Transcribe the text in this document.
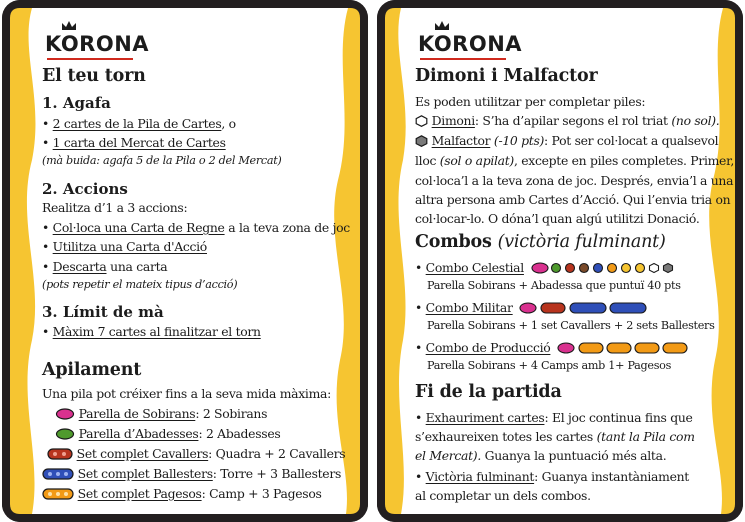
KORONA
El teu torn
1. Agafa
• 2 cartes de la Pila de Cartes, o
• 1 carta del Mercat de Cartes
(mà buida: agafa 5 de la Pila o 2 del Mercat)
2. Accions
Realitza d’1 a 3 accions:
• Col·loca una Carta de Regne a la teva zona de joc
• Utilitza una Carta d'Acció
• Descarta una carta
(pots repetir el mateix tipus d’acció)
3. Límit de mà
• Màxim 7 cartes al finalitzar el torn
Apilament
Una pila pot créixer fins a la seva mida màxima:
Parella de Sobirans: 2 Sobirans
Parella d’Abadesses: 2 Abadesses
Set complet Cavallers: Quadra + 2 Cavallers
Set complet Ballesters: Torre + 3 Ballesters
Set complet Pagesos: Camp + 3 Pagesos
KORONA
Dimoni i Malfactor
Es poden utilitzar per completar piles:
Dimoni: S’ha d’apilar segons el rol triat (no sol).
Malfactor (-10 pts): Pot ser col·locat a qualsevol
lloc (sol o apilat), excepte en piles completes. Primer,
col·loca’l a la teva zona de joc. Després, envia’l a una
altra persona amb Cartes d’Acció. Qui l’envia tria on
col·locar-lo. O dóna’l quan algú utilitzi Donació.
Combos (victòria fulminant)
• Combo Celestial
Parella Sobirans + Abadessa que puntuï 40 pts
• Combo Militar
Parella Sobirans + 1 set Cavallers + 2 sets Ballesters
• Combo de Producció
Parella Sobirans + 4 Camps amb 1+ Pagesos
Fi de la partida
• Exhauriment cartes: El joc continua fins que
s’exhaureixen totes les cartes (tant la Pila com
el Mercat). Guanya la puntuació més alta.
• Victòria fulminant: Guanya instantàniament
al completar un dels combos.
